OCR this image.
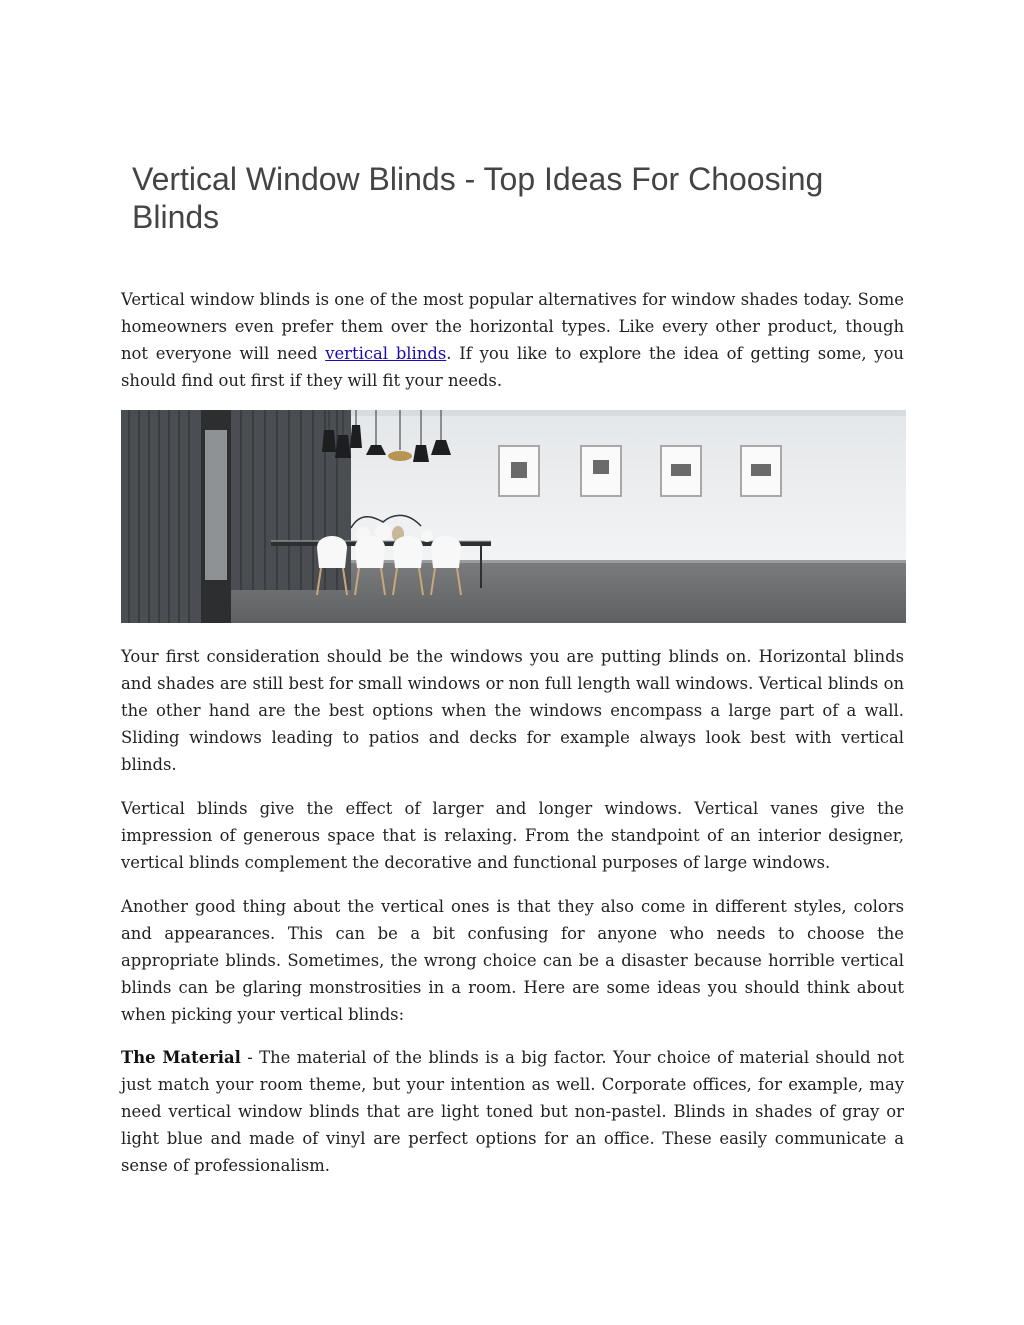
Vertical Window Blinds - Top Ideas For Choosing Blinds

Vertical window blinds is one of the most popular alternatives for window shades today. Some homeowners even prefer them over the horizontal types. Like every other product, though not everyone will need vertical blinds. If you like to explore the idea of getting some, you should find out first if they will fit your needs.

Your first consideration should be the windows you are putting blinds on. Horizontal blinds and shades are still best for small windows or non full length wall windows. Vertical blinds on the other hand are the best options when the windows encompass a large part of a wall. Sliding windows leading to patios and decks for example always look best with vertical blinds.

Vertical blinds give the effect of larger and longer windows. Vertical vanes give the impression of generous space that is relaxing. From the standpoint of an interior designer, vertical blinds complement the decorative and functional purposes of large windows.

Another good thing about the vertical ones is that they also come in different styles, colors and appearances. This can be a bit confusing for anyone who needs to choose the appropriate blinds. Sometimes, the wrong choice can be a disaster because horrible vertical blinds can be glaring monstrosities in a room. Here are some ideas you should think about when picking your vertical blinds:

The Material - The material of the blinds is a big factor. Your choice of material should not just match your room theme, but your intention as well. Corporate offices, for example, may need vertical window blinds that are light toned but non-pastel. Blinds in shades of gray or light blue and made of vinyl are perfect options for an office. These easily communicate a sense of professionalism.
